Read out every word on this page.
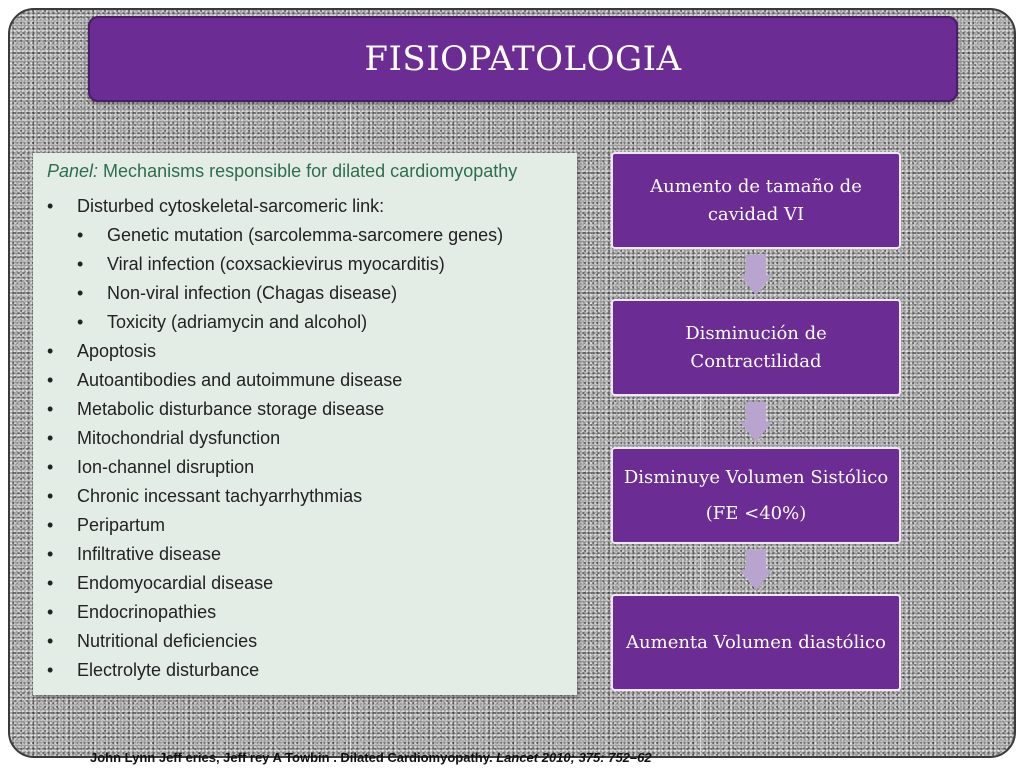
FISIOPATOLOGIA
Panel: Mechanisms responsible for dilated cardiomyopathy
• Disturbed cytoskeletal-sarcomeric link:
• Genetic mutation (sarcolemma-sarcomere genes)
• Viral infection (coxsackievirus myocarditis)
• Non-viral infection (Chagas disease)
• Toxicity (adriamycin and alcohol)
• Apoptosis
• Autoantibodies and autoimmune disease
• Metabolic disturbance storage disease
• Mitochondrial dysfunction
• Ion-channel disruption
• Chronic incessant tachyarrhythmias
• Peripartum
• Infiltrative disease
• Endomyocardial disease
• Endocrinopathies
• Nutritional deficiencies
• Electrolyte disturbance
Aumento de tamaño de
cavidad VI
Disminución de
Contractilidad
Disminuye Volumen Sistólico
(FE <40%)
Aumenta Volumen diastólico
John Lynn Jeff eries, Jeff rey A Towbin . Dilated Cardiomyopathy. Lancet 2010; 375: 752–62
